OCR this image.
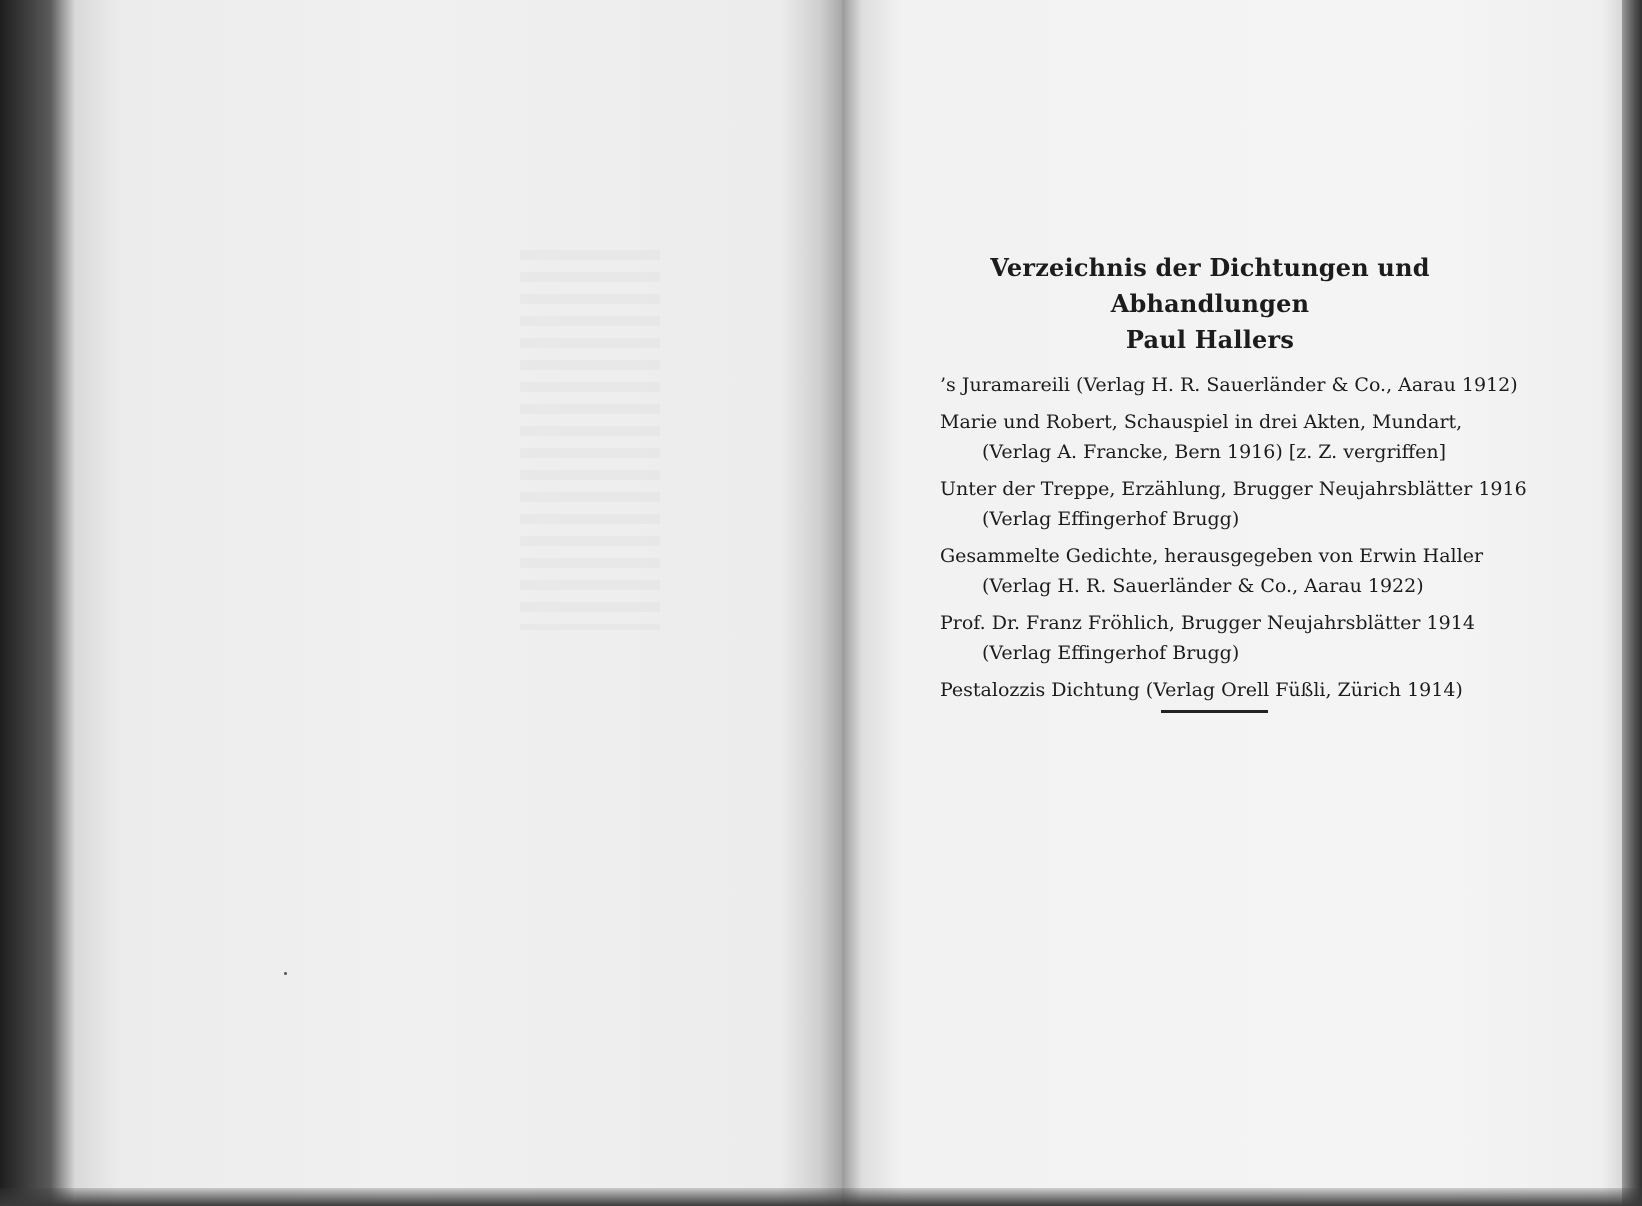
Verzeichnis der Dichtungen und Abhandlungen
Paul Hallers
’s Juramareili (Verlag H. R. Sauerländer & Co., Aarau 1912)
Marie und Robert, Schauspiel in drei Akten, Mundart,
(Verlag A. Francke, Bern 1916) [z. Z. vergriffen]
Unter der Treppe, Erzählung, Brugger Neujahrsblätter 1916
(Verlag Effingerhof Brugg)
Gesammelte Gedichte, herausgegeben von Erwin Haller
(Verlag H. R. Sauerländer & Co., Aarau 1922)
Prof. Dr. Franz Fröhlich, Brugger Neujahrsblätter 1914
(Verlag Effingerhof Brugg)
Pestalozzis Dichtung (Verlag Orell Füßli, Zürich 1914)
